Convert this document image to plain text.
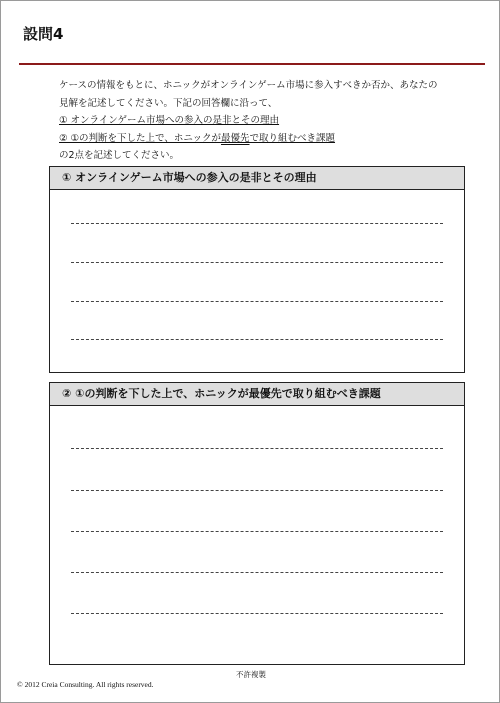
設問4
ケースの情報をもとに、ホニックがオンラインゲーム市場に参入すべきか否か、あなたの
見解を記述してください。下記の回答欄に沿って、
① オンラインゲーム市場への参入の是非とその理由
② ①の判断を下した上で、ホニックが最優先で取り組むべき課題
の2点を記述してください。
① オンラインゲーム市場への参入の是非とその理由
② ①の判断を下した上で、ホニックが最優先で取り組むべき課題
不許複製
© 2012 Creia Consulting. All rights reserved.
